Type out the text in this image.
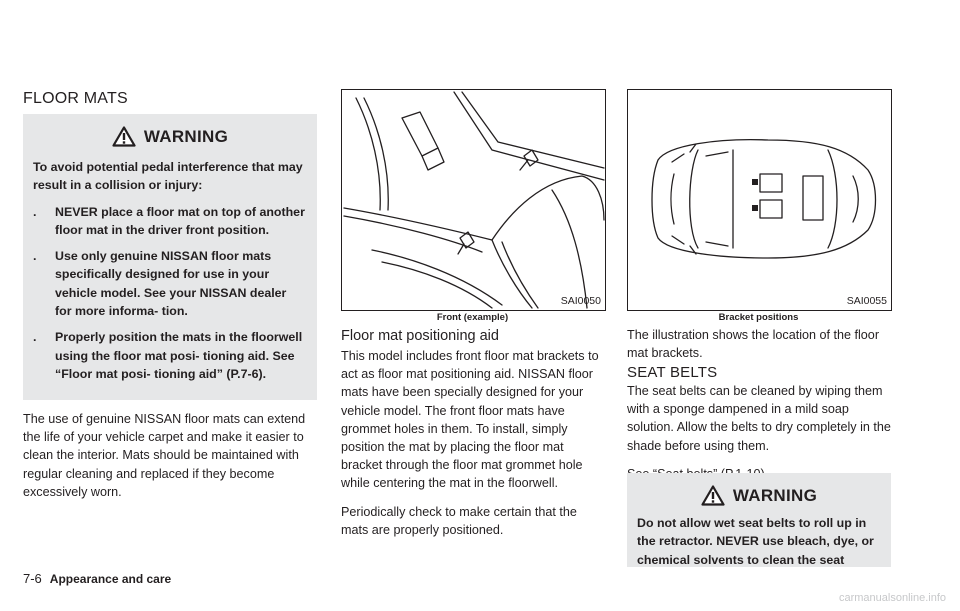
FLOOR MATS
WARNING

To avoid potential pedal interference that may result in a collision or injury:

.	NEVER place a floor mat on top of another floor mat in the driver front position.
.	Use only genuine NISSAN floor mats specifically designed for use in your vehicle model. See your NISSAN dealer for more informa- tion.
.	Properly position the mats in the floorwell using the floor mat posi- tioning aid. See “Floor mat posi- tioning aid” (P.7-6).

The use of genuine NISSAN floor mats can extend the life of your vehicle carpet and make it easier to clean the interior. Mats should be maintained with regular cleaning and replaced if they become excessively worn.

SAI0050
Front (example)
Floor mat positioning aid

This model includes front floor mat brackets to act as floor mat positioning aid. NISSAN floor mats have been specially designed for your vehicle model. The front floor mats have grommet holes in them. To install, simply position the mat by placing the floor mat bracket through the floor mat grommet hole while centering the mat in the floorwell.

Periodically check to make certain that the mats are properly positioned.

SAI0055
Bracket positions

The illustration shows the location of the floor mat brackets.

SEAT BELTS

The seat belts can be cleaned by wiping them with a sponge dampened in a mild soap solution. Allow the belts to dry completely in the shade before using them.

WARNING

Do not allow wet seat belts to roll up in the retractor. NEVER use bleach, dye, or chemical solvents to clean the seat

7-6 Appearance and care
carmanualsonline.info
